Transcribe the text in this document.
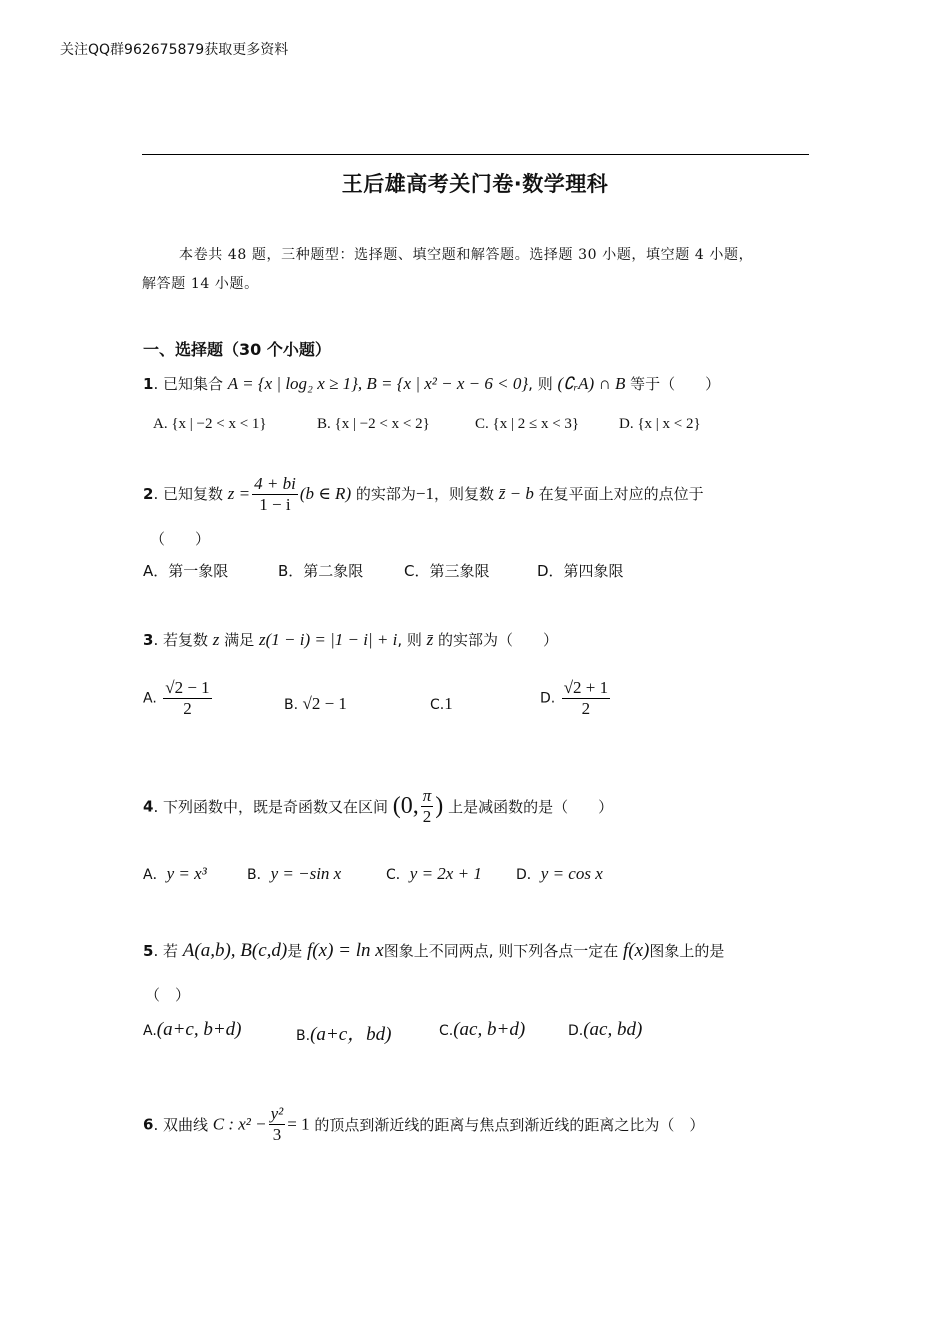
关注QQ群962675879获取更多资料
王后雄高考关门卷·数学理科
本卷共 48 题，三种题型：选择题、填空题和解答题。选择题 30 小题，填空题 4 小题，
解答题 14 小题。
一、选择题（30 个小题）
1. 已知集合 A = {x | log₂ x ≥ 1}, B = {x | x² − x − 6 < 0}, 则 (∁ᵣA) ∩ B 等于（　　）
A. {x | −2 < x < 1}	B. {x | −2 < x < 2}	C. {x | 2 ≤ x < 3}	D. {x | x < 2}
2. 已知复数 $z = \frac{4 + bi}{1 - i} (b$ ∈ R) 的实部为−1，则复数 z̄ − b 在复平面上对应的点位于
（　　）
A．第一象限	B．第二象限	C．第三象限	D．第四象限
3. 若复数 z 满足 z(1 − i) = |1 − i| + i, 则 z̄ 的实部为（　　）
A. $\frac{√2 - 1}{2}$	B. √2 − 1	C.1	D. $\frac{√2 + 1}{2}$
4. 下列函数中，既是奇函数又在区间 (0, $\frac{\pi}{2}$ ) 上是减函数的是（　　）
A．y = x³	B．y = −sin x	C．y = 2x + 1 D．y = cos x
5. 若 A(a,b), B(c,d)是 f(x) = ln x图象上不同两点, 则下列各点一定在 f(x)图象上的是
（　）
A.(a+c, b+d)	B.(a+c，bd)	C.(ac, b+d)	D.(ac, bd)
6. 双曲线 C : $x^2 - \frac{\text{y²}}{3} = 1$ 的顶点到渐近线的距离与焦点到渐近线的距离之比为（　）
